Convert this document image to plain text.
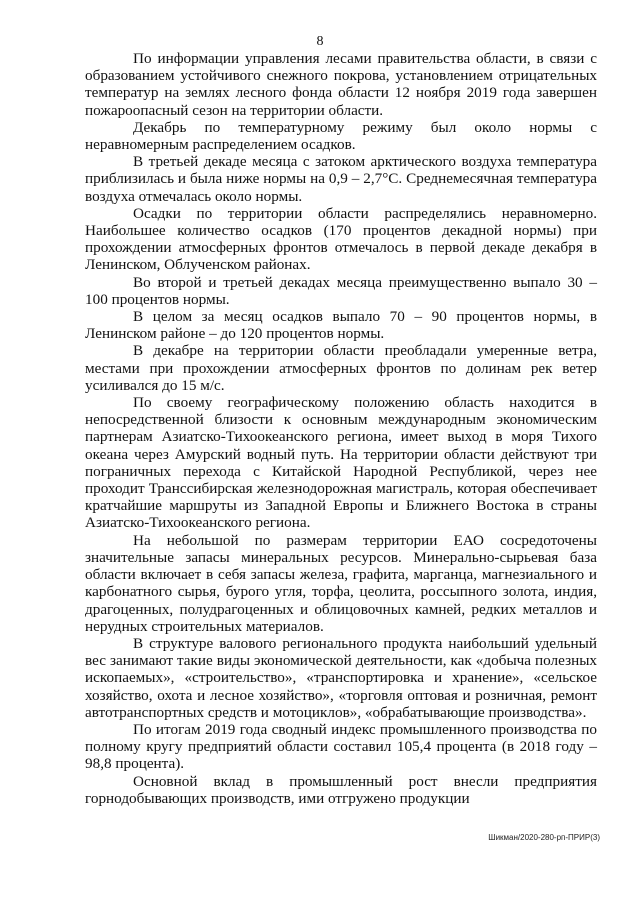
8

По информации управления лесами правительства области, в связи с образованием устойчивого снежного покрова, установлением отрицательных температур на землях лесного фонда области 12 ноября 2019 года завершен пожароопасный сезон на территории области.

Декабрь по температурному режиму был около нормы с неравномерным распределением осадков.

В третьей декаде месяца с затоком арктического воздуха температура приблизилась и была ниже нормы на 0,9 – 2,7°С. Среднемесячная температура воздуха отмечалась около нормы.

Осадки по территории области распределялись неравномерно. Наибольшее количество осадков (170 процентов декадной нормы) при прохождении атмосферных фронтов отмечалось в первой декаде декабря в Ленинском, Облученском районах.

Во второй и третьей декадах месяца преимущественно выпало 30 – 100 процентов нормы.

В целом за месяц осадков выпало 70 – 90 процентов нормы, в Ленинском районе – до 120 процентов нормы.

В декабре на территории области преобладали умеренные ветра, местами при прохождении атмосферных фронтов по долинам рек ветер усиливался до 15 м/с.

По своему географическому положению область находится в непосредственной близости к основным международным экономическим партнерам Азиатско-Тихоокеанского региона, имеет выход в моря Тихого океана через Амурский водный путь. На территории области действуют три пограничных перехода с Китайской Народной Республикой, через нее проходит Транссибирская железнодорожная магистраль, которая обеспечивает кратчайшие маршруты из Западной Европы и Ближнего Востока в страны Азиатско-Тихоокеанского региона.

На небольшой по размерам территории ЕАО сосредоточены значительные запасы минеральных ресурсов. Минерально-сырьевая база области включает в себя запасы железа, графита, марганца, магнезиального и карбонатного сырья, бурого угля, торфа, цеолита, россыпного золота, индия, драгоценных, полудрагоценных и облицовочных камней, редких металлов и нерудных строительных материалов.

В структуре валового регионального продукта наибольший удельный вес занимают такие виды экономической деятельности, как «добыча полезных ископаемых», «строительство», «транспортировка и хранение», «сельское хозяйство, охота и лесное хозяйство», «торговля оптовая и розничная, ремонт автотранспортных средств и мотоциклов», «обрабатывающие производства».

По итогам 2019 года сводный индекс промышленного производства по полному кругу предприятий области составил 105,4 процента (в 2018 году – 98,8 процента).

Основной вклад в промышленный рост внесли предприятия горнодобывающих производств, ими отгружено продукции

Шикман/2020-280-рп-ПРИР(3)
